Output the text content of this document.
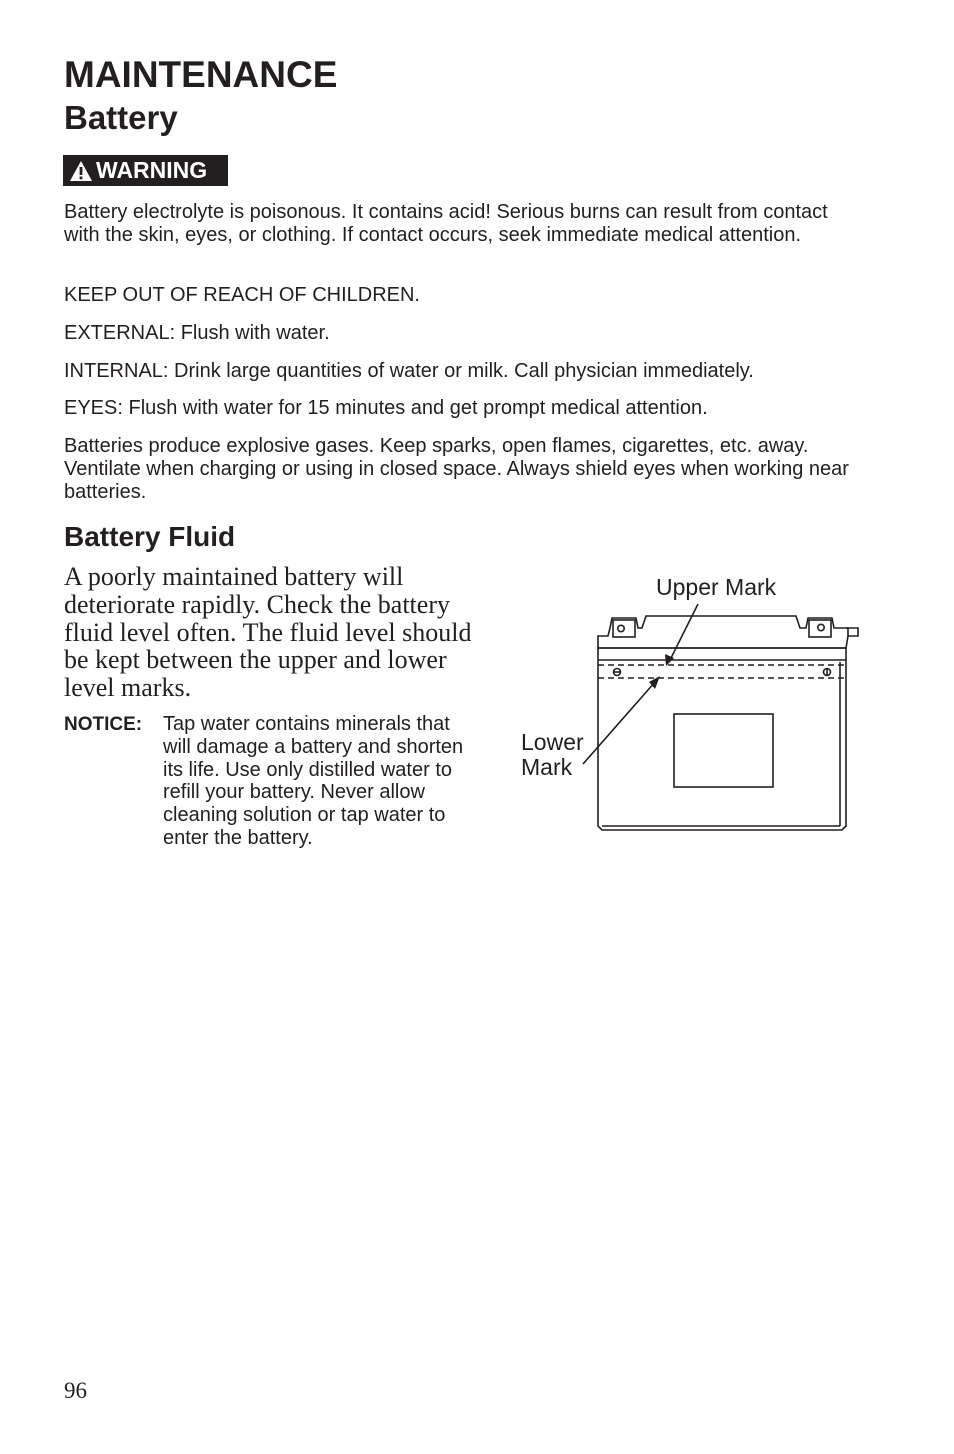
MAINTENANCE
Battery
WARNING
Battery electrolyte is poisonous. It contains acid! Serious burns can result from contact with the skin, eyes, or clothing. If contact occurs, seek immediate medical attention.
KEEP OUT OF REACH OF CHILDREN.
EXTERNAL: Flush with water.
INTERNAL: Drink large quantities of water or milk. Call physician immediately.
EYES: Flush with water for 15 minutes and get prompt medical attention.
Batteries produce explosive gases. Keep sparks, open flames, cigarettes, etc. away. Ventilate when charging or using in closed space. Always shield eyes when working near batteries.
Battery Fluid
A poorly maintained battery will deteriorate rapidly. Check the battery fluid level often. The fluid level should be kept between the upper and lower level marks.
NOTICE: Tap water contains minerals that will damage a battery and shorten its life. Use only distilled water to refill your battery. Never allow cleaning solution or tap water to enter the battery.
Upper Mark
Lower
Mark
96
